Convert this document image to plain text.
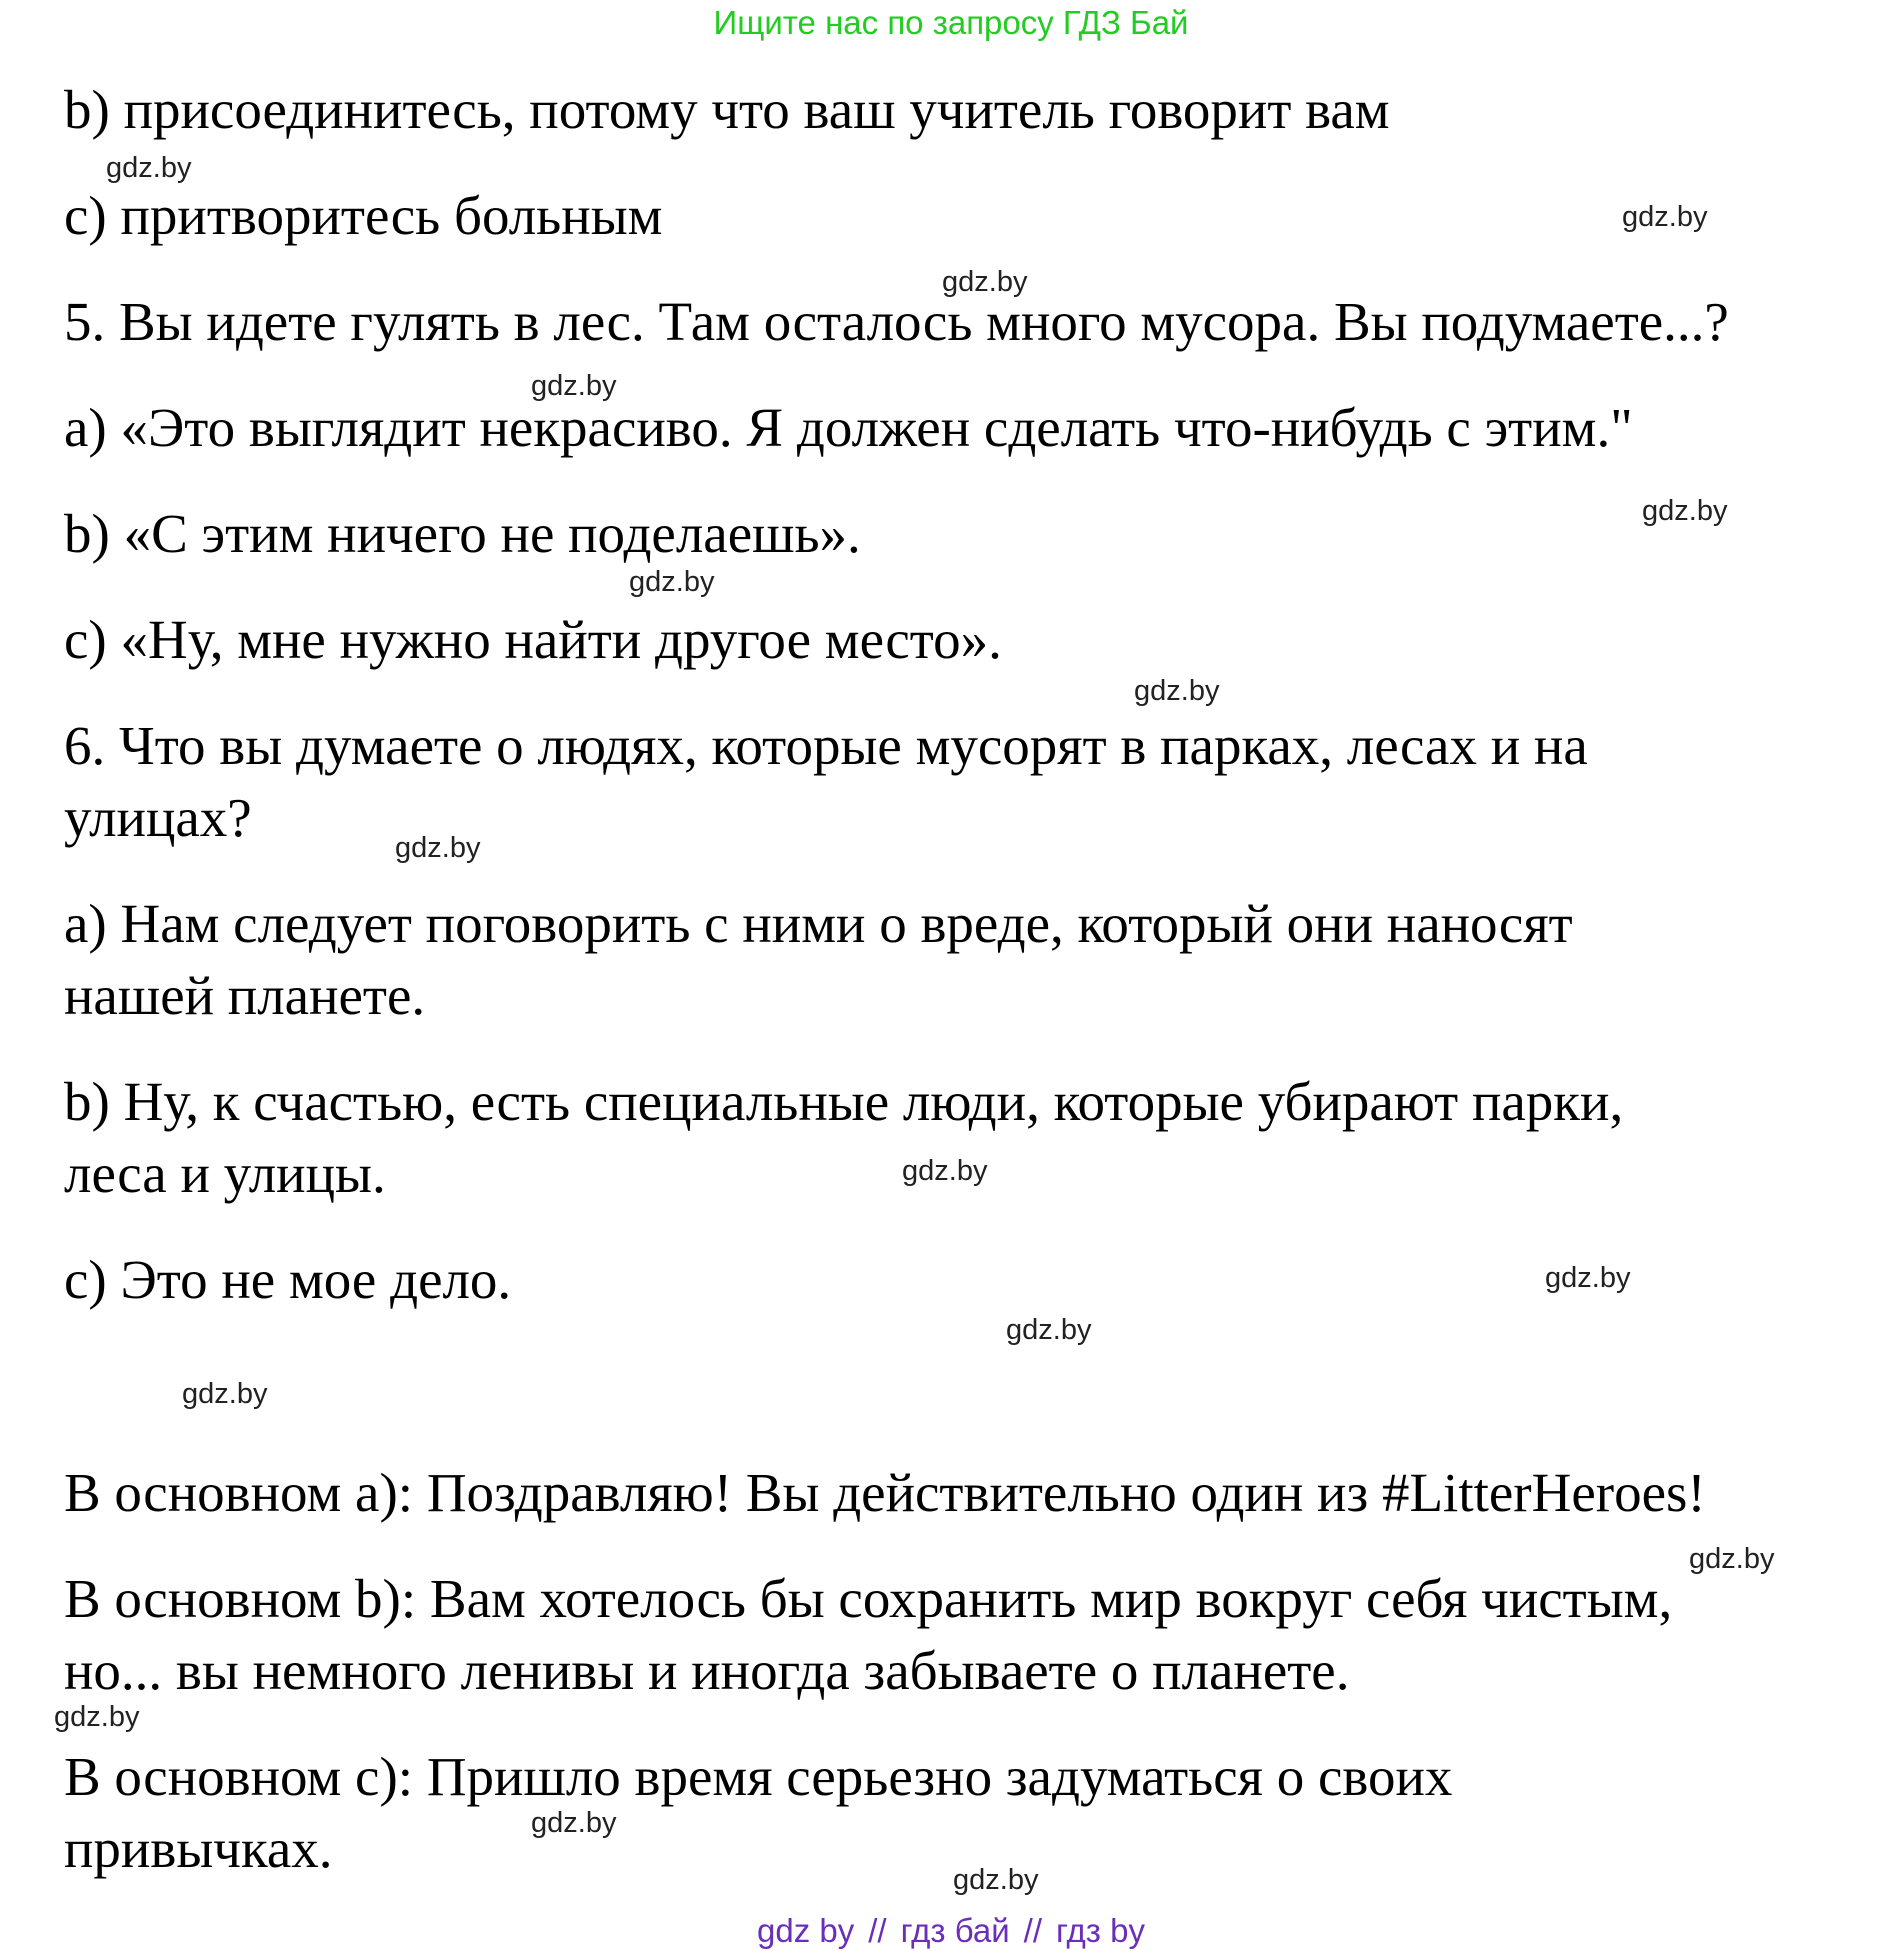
Ищите нас по запросу ГДЗ Бай
b) присоединитесь, потому что ваш учитель говорит вам
c) притворитесь больным
5. Вы идете гулять в лес. Там осталось много мусора. Вы подумаете...?
a) «Это выглядит некрасиво. Я должен сделать что-нибудь с этим."
b) «С этим ничего не поделаешь».
c) «Ну, мне нужно найти другое место».
6. Что вы думаете о людях, которые мусорят в парках, лесах и на
улицах?
a) Нам следует поговорить с ними о вреде, который они наносят
нашей планете.
b) Ну, к счастью, есть специальные люди, которые убирают парки,
леса и улицы.
c) Это не мое дело.
В основном a): Поздравляю! Вы действительно один из #LitterHeroes!
В основном b): Вам хотелось бы сохранить мир вокруг себя чистым,
но... вы немного ленивы и иногда забываете о планете.
В основном c): Пришло время серьезно задуматься о своих
привычках.
gdz.by
gdz.by
gdz.by
gdz.by
gdz.by
gdz.by
gdz.by
gdz.by
gdz.by
gdz.by
gdz.by
gdz.by
gdz.by
gdz.by
gdz.by
gdz.by
gdz by // гдз бай // гдз by
